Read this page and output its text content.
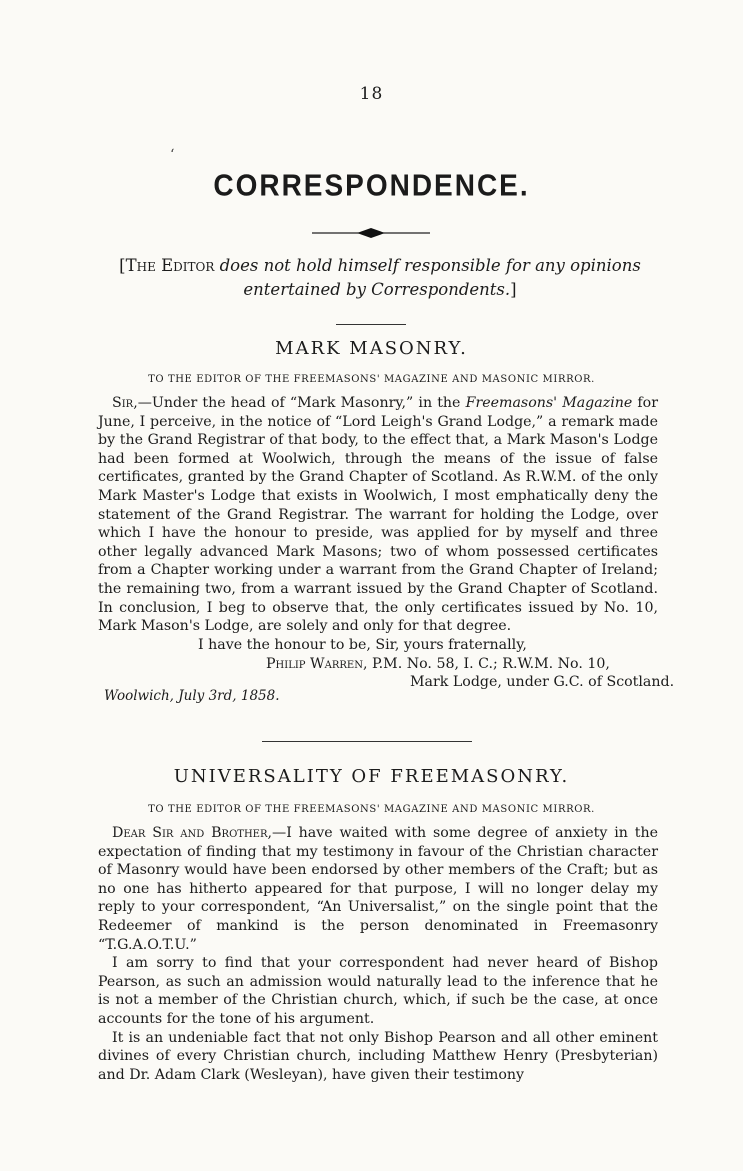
18
‘
CORRESPONDENCE.
[The Editor does not hold himself responsible for any opinions entertained by Correspondents.]
MARK MASONRY.
TO THE EDITOR OF THE FREEMASONS' MAGAZINE AND MASONIC MIRROR.

Sir,—Under the head of “Mark Masonry,” in the Freemasons' Magazine for June, I perceive, in the notice of “Lord Leigh's Grand Lodge,” a remark made by the Grand Registrar of that body, to the effect that, a Mark Mason's Lodge had been formed at Woolwich, through the means of the issue of false certificates, granted by the Grand Chapter of Scotland. As R.W.M. of the only Mark Master's Lodge that exists in Woolwich, I most emphatically deny the statement of the Grand Registrar. The warrant for holding the Lodge, over which I have the honour to preside, was applied for by myself and three other legally advanced Mark Masons; two of whom possessed certificates from a Chapter working under a warrant from the Grand Chapter of Ireland; the remaining two, from a warrant issued by the Grand Chapter of Scotland. In conclusion, I beg to observe that, the only certificates issued by No. 10, Mark Mason's Lodge, are solely and only for that degree.

I have the honour to be, Sir, yours fraternally,
Philip Warren, P.M. No. 58, I. C.; R.W.M. No. 10,
Mark Lodge, under G.C. of Scotland.
Woolwich, July 3rd, 1858.
UNIVERSALITY OF FREEMASONRY.
TO THE EDITOR OF THE FREEMASONS' MAGAZINE AND MASONIC MIRROR.

Dear Sir and Brother,—I have waited with some degree of anxiety in the expectation of finding that my testimony in favour of the Christian character of Masonry would have been endorsed by other members of the Craft; but as no one has hitherto appeared for that purpose, I will no longer delay my reply to your correspondent, “An Universalist,” on the single point that the Redeemer of mankind is the person denominated in Freemasonry “T.G.A.O.T.U.”

I am sorry to find that your correspondent had never heard of Bishop Pearson, as such an admission would naturally lead to the inference that he is not a member of the Christian church, which, if such be the case, at once accounts for the tone of his argument.

It is an undeniable fact that not only Bishop Pearson and all other eminent divines of every Christian church, including Matthew Henry (Presbyterian) and Dr. Adam Clark (Wesleyan), have given their testimony
